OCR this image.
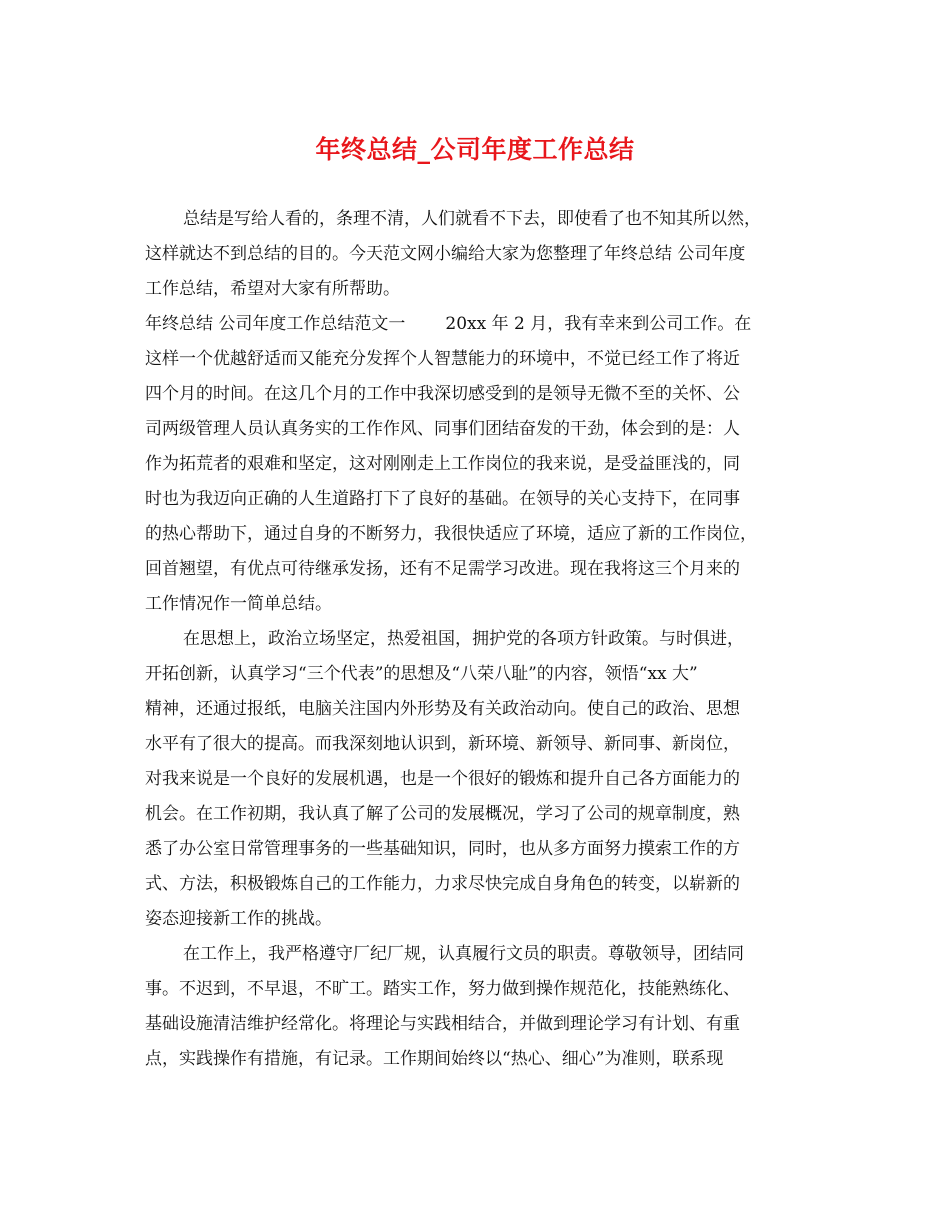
年终总结_公司年度工作总结
总结是写给人看的，条理不清，人们就看不下去，即使看了也不知其所以然，
这样就达不到总结的目的。今天范文网小编给大家为您整理了年终总结 公司年度
工作总结，希望对大家有所帮助。
年终总结 公司年度工作总结范文一 20xx 年 2 月，我有幸来到公司工作。在
这样一个优越舒适而又能充分发挥个人智慧能力的环境中，不觉已经工作了将近
四个月的时间。在这几个月的工作中我深切感受到的是领导无微不至的关怀、公
司两级管理人员认真务实的工作作风、同事们团结奋发的干劲，体会到的是：人
作为拓荒者的艰难和坚定，这对刚刚走上工作岗位的我来说，是受益匪浅的，同
时也为我迈向正确的人生道路打下了良好的基础。在领导的关心支持下，在同事
的热心帮助下，通过自身的不断努力，我很快适应了环境，适应了新的工作岗位，
回首翘望，有优点可待继承发扬，还有不足需学习改进。现在我将这三个月来的
工作情况作一简单总结。
在思想上，政治立场坚定，热爱祖国，拥护党的各项方针政策。与时俱进，
开拓创新，认真学习“三个代表”的思想及“八荣八耻”的内容，领悟“xx 大”
精神，还通过报纸，电脑关注国内外形势及有关政治动向。使自己的政治、思想
水平有了很大的提高。而我深刻地认识到，新环境、新领导、新同事、新岗位，
对我来说是一个良好的发展机遇，也是一个很好的锻炼和提升自己各方面能力的
机会。在工作初期，我认真了解了公司的发展概况，学习了公司的规章制度，熟
悉了办公室日常管理事务的一些基础知识，同时，也从多方面努力摸索工作的方
式、方法，积极锻炼自己的工作能力，力求尽快完成自身角色的转变，以崭新的
姿态迎接新工作的挑战。
在工作上，我严格遵守厂纪厂规，认真履行文员的职责。尊敬领导，团结同
事。不迟到，不早退，不旷工。踏实工作，努力做到操作规范化，技能熟练化、
基础设施清洁维护经常化。将理论与实践相结合，并做到理论学习有计划、有重
点，实践操作有措施，有记录。工作期间始终以“热心、细心”为准则，联系现
